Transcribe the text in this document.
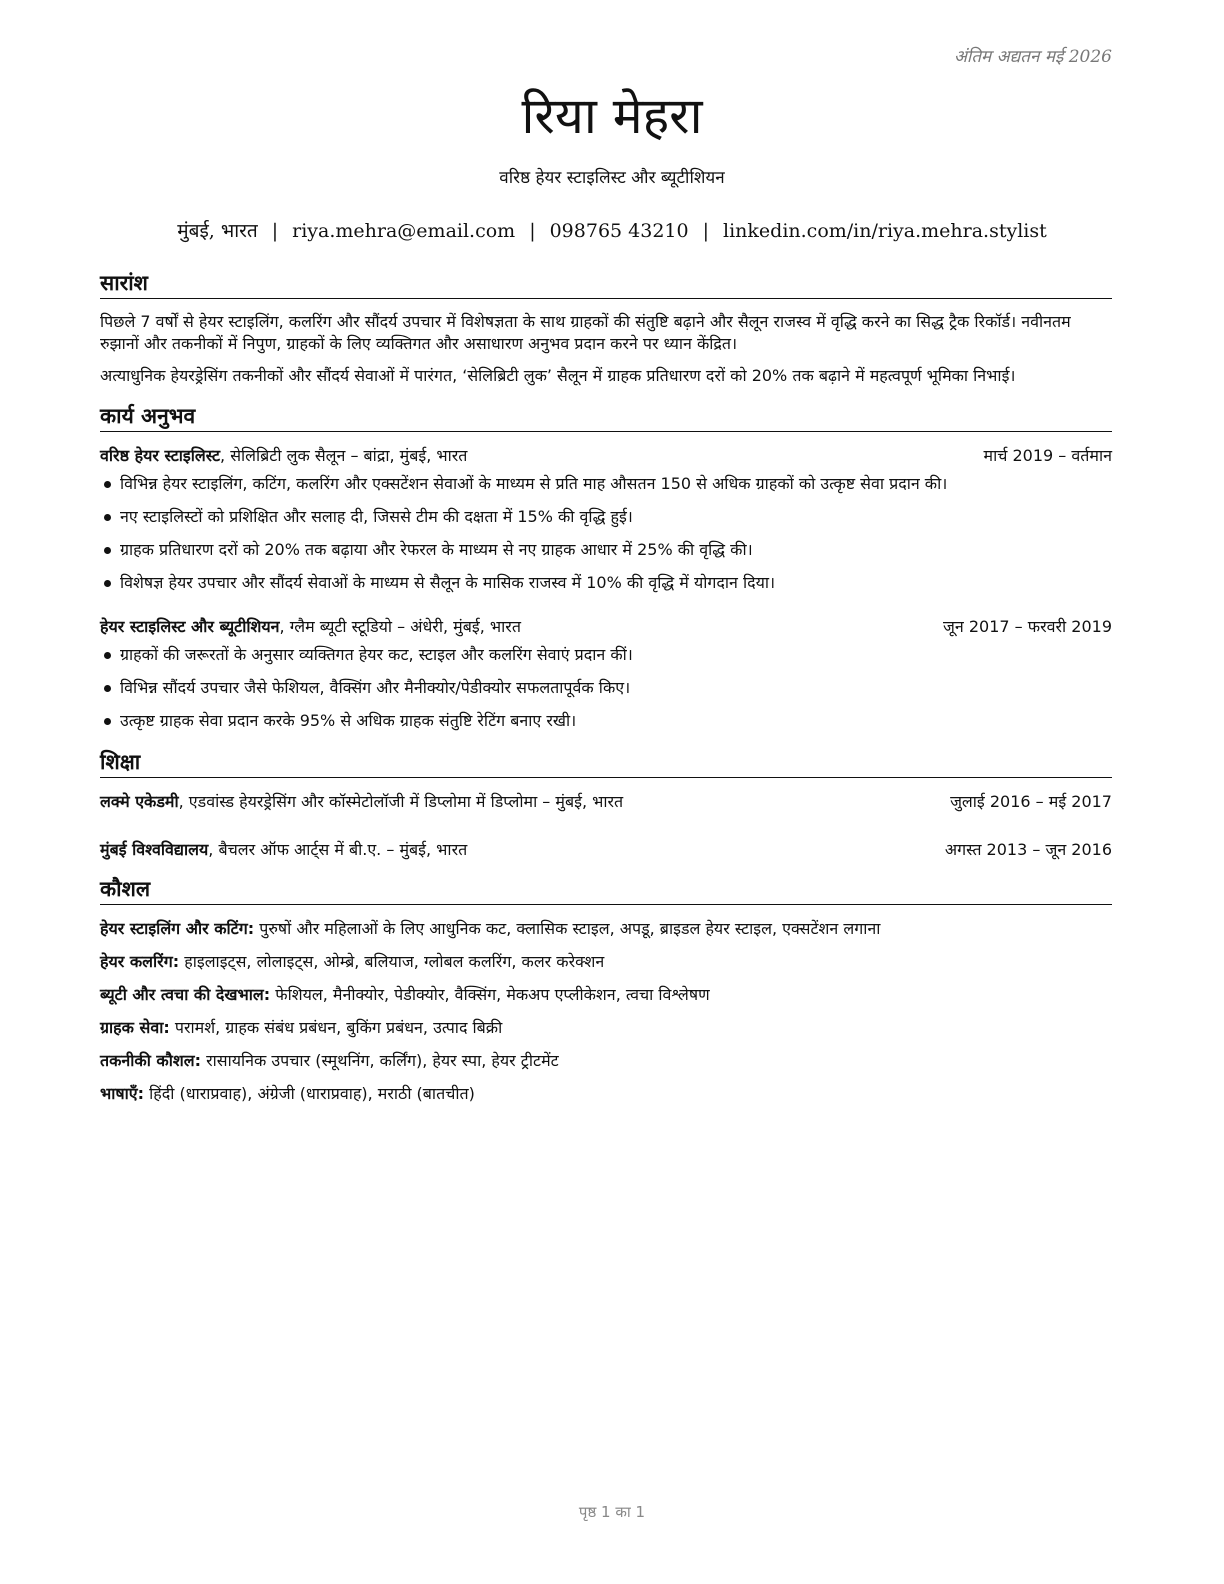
अंतिम अद्यतन मई 2026
रिया मेहरा
वरिष्ठ हेयर स्टाइलिस्ट और ब्यूटीशियन
मुंबई, भारत | riya.mehra@email.com | 098765 43210 | linkedin.com/in/riya.mehra.stylist
सारांश

पिछले 7 वर्षों से हेयर स्टाइलिंग, कलरिंग और सौंदर्य उपचार में विशेषज्ञता के साथ ग्राहकों की संतुष्टि बढ़ाने और सैलून राजस्व में वृद्धि करने का सिद्ध ट्रैक रिकॉर्ड। नवीनतम रुझानों और तकनीकों में निपुण, ग्राहकों के लिए व्यक्तिगत और असाधारण अनुभव प्रदान करने पर ध्यान केंद्रित।

अत्याधुनिक हेयरड्रेसिंग तकनीकों और सौंदर्य सेवाओं में पारंगत, ‘सेलिब्रिटी लुक’ सैलून में ग्राहक प्रतिधारण दरों को 20% तक बढ़ाने में महत्वपूर्ण भूमिका निभाई।

कार्य अनुभव
वरिष्ठ हेयर स्टाइलिस्ट, सेलिब्रिटी लुक सैलून – बांद्रा, मुंबई, भारत	मार्च 2019 – वर्तमान
विभिन्न हेयर स्टाइलिंग, कटिंग, कलरिंग और एक्सटेंशन सेवाओं के माध्यम से प्रति माह औसतन 150 से अधिक ग्राहकों को उत्कृष्ट सेवा प्रदान की।
नए स्टाइलिस्टों को प्रशिक्षित और सलाह दी, जिससे टीम की दक्षता में 15% की वृद्धि हुई।
ग्राहक प्रतिधारण दरों को 20% तक बढ़ाया और रेफरल के माध्यम से नए ग्राहक आधार में 25% की वृद्धि की।
विशेषज्ञ हेयर उपचार और सौंदर्य सेवाओं के माध्यम से सैलून के मासिक राजस्व में 10% की वृद्धि में योगदान दिया।
हेयर स्टाइलिस्ट और ब्यूटीशियन, ग्लैम ब्यूटी स्टूडियो – अंधेरी, मुंबई, भारत	जून 2017 – फरवरी 2019
ग्राहकों की जरूरतों के अनुसार व्यक्तिगत हेयर कट, स्टाइल और कलरिंग सेवाएं प्रदान कीं।
विभिन्न सौंदर्य उपचार जैसे फेशियल, वैक्सिंग और मैनीक्योर/पेडीक्योर सफलतापूर्वक किए।
उत्कृष्ट ग्राहक सेवा प्रदान करके 95% से अधिक ग्राहक संतुष्टि रेटिंग बनाए रखी।
शिक्षा
लक्मे एकेडमी, एडवांस्ड हेयरड्रेसिंग और कॉस्मेटोलॉजी में डिप्लोमा में डिप्लोमा – मुंबई, भारत	जुलाई 2016 – मई 2017
मुंबई विश्वविद्यालय, बैचलर ऑफ आर्ट्स में बी.ए. – मुंबई, भारत	अगस्त 2013 – जून 2016
कौशल

हेयर स्टाइलिंग और कटिंग: पुरुषों और महिलाओं के लिए आधुनिक कट, क्लासिक स्टाइल, अपडू, ब्राइडल हेयर स्टाइल, एक्सटेंशन लगाना

हेयर कलरिंग: हाइलाइट्स, लोलाइट्स, ओम्ब्रे, बलियाज, ग्लोबल कलरिंग, कलर करेक्शन

ब्यूटी और त्वचा की देखभाल: फेशियल, मैनीक्योर, पेडीक्योर, वैक्सिंग, मेकअप एप्लीकेशन, त्वचा विश्लेषण

ग्राहक सेवा: परामर्श, ग्राहक संबंध प्रबंधन, बुकिंग प्रबंधन, उत्पाद बिक्री

तकनीकी कौशल: रासायनिक उपचार (स्मूथनिंग, कर्लिंग), हेयर स्पा, हेयर ट्रीटमेंट

भाषाएँ: हिंदी (धाराप्रवाह), अंग्रेजी (धाराप्रवाह), मराठी (बातचीत)

पृष्ठ 1 का 1
